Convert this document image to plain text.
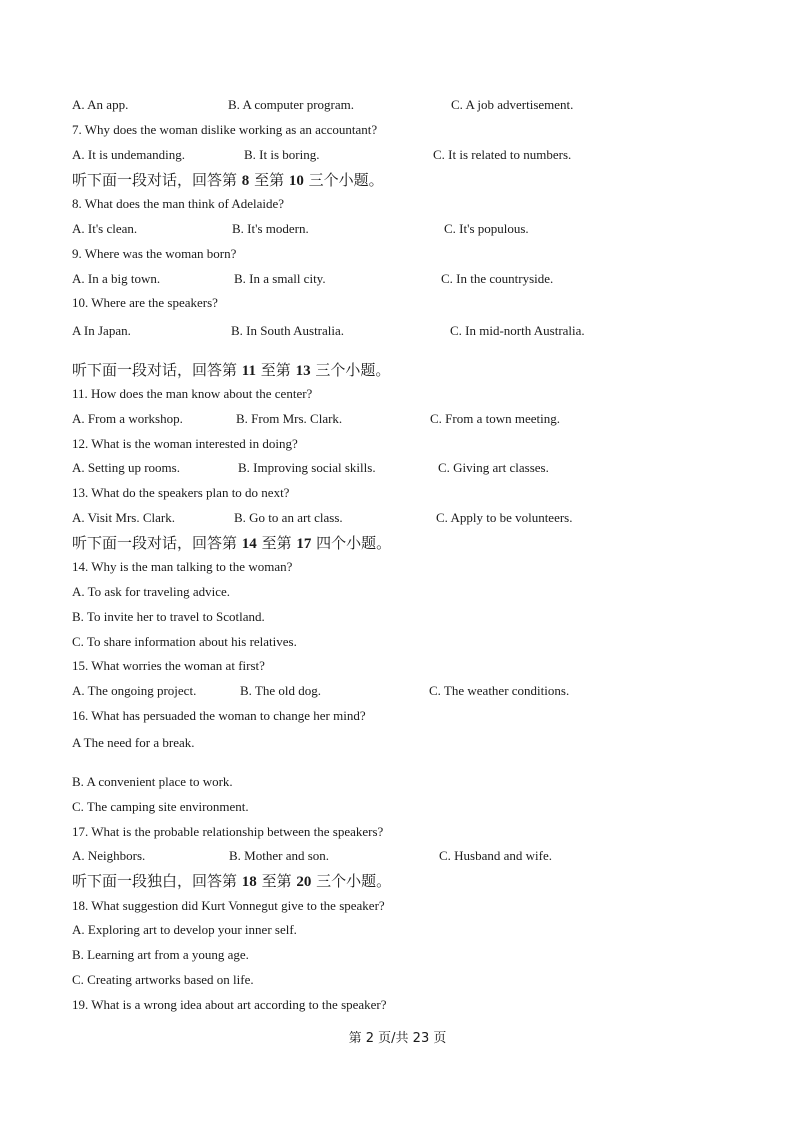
A. An app.	B. A computer program.	C. A job advertisement.
7. Why does the woman dislike working as an accountant?
A. It is undemanding.	B. It is boring.	C. It is related to numbers.
听下面一段对话，回答第 8 至第 10 三个小题。
8. What does the man think of Adelaide?
A. It's clean.	B. It's modern.	C. It's populous.
9. Where was the woman born?
A. In a big town.	B. In a small city.	C. In the countryside.
10. Where are the speakers?
A In Japan.	B. In South Australia.	C. In mid-north Australia.
听下面一段对话，回答第 11 至第 13 三个小题。
11. How does the man know about the center?
A. From a workshop.	B. From Mrs. Clark.	C. From a town meeting.
12. What is the woman interested in doing?
A. Setting up rooms.	B. Improving social skills.	C. Giving art classes.
13. What do the speakers plan to do next?
A. Visit Mrs. Clark.	B. Go to an art class.	C. Apply to be volunteers.
听下面一段对话，回答第 14 至第 17 四个小题。
14. Why is the man talking to the woman?
A. To ask for traveling advice.
B. To invite her to travel to Scotland.
C. To share information about his relatives.
15. What worries the woman at first?
A. The ongoing project.	B. The old dog.	C. The weather conditions.
16. What has persuaded the woman to change her mind?
A The need for a break.
B. A convenient place to work.
C. The camping site environment.
17. What is the probable relationship between the speakers?
A. Neighbors.	B. Mother and son.	C. Husband and wife.
听下面一段独白，回答第 18 至第 20 三个小题。
18. What suggestion did Kurt Vonnegut give to the speaker?
A. Exploring art to develop your inner self.
B. Learning art from a young age.
C. Creating artworks based on life.
19. What is a wrong idea about art according to the speaker?
第 2 页/共 23 页
